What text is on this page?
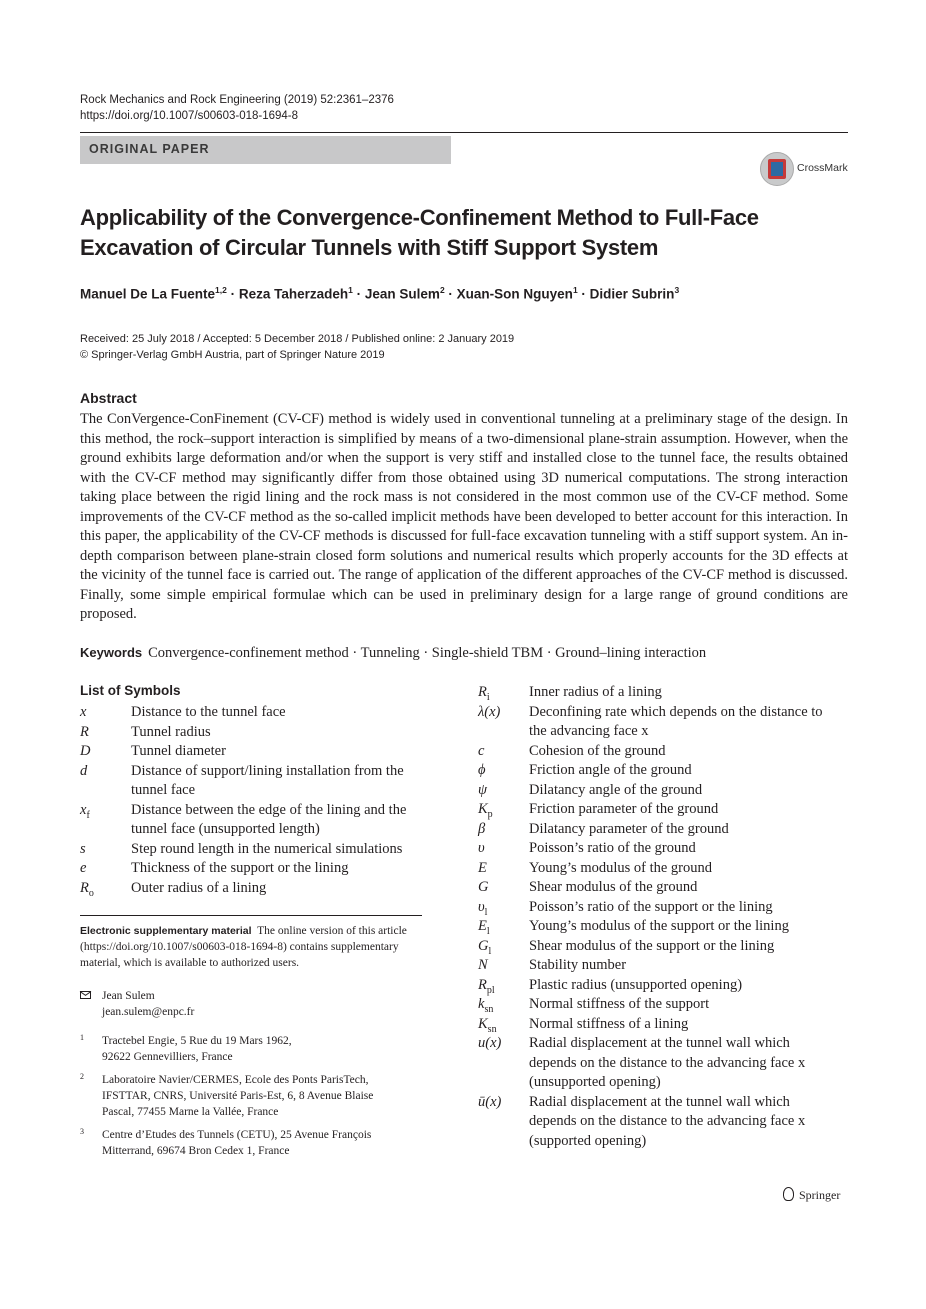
Rock Mechanics and Rock Engineering (2019) 52:2361–2376
https://doi.org/10.1007/s00603-018-1694-8
ORIGINAL PAPER
CrossMark
Applicability of the Convergence-Confinement Method to Full-Face
Excavation of Circular Tunnels with Stiff Support System
Manuel De La Fuente$^{1,2}$ · Reza Taherzadeh$^1$ · Jean Sulem$^2$ · Xuan-Son Nguyen$^1$ · Didier Subrin$^3$
Received: 25 July 2018 / Accepted: 5 December 2018 / Published online: 2 January 2019
© Springer-Verlag GmbH Austria, part of Springer Nature 2019
Abstract
The ConVergence-ConFinement (CV-CF) method is widely used in conventional tunneling at a preliminary stage of the design. In this method, the rock–support interaction is simplified by means of a two-dimensional plane-strain assumption. However, when the ground exhibits large deformation and/or when the support is very stiff and installed close to the tunnel face, the results obtained with the CV-CF method may significantly differ from those obtained using 3D numerical computations. The strong interaction taking place between the rigid lining and the rock mass is not considered in the most common use of the CV-CF method. Some improvements of the CV-CF method as the so-called implicit methods have been developed to better account for this interaction. In this paper, the applicability of the CV-CF methods is discussed for full-face excavation tunneling with a stiff support system. An in-depth comparison between plane-strain closed form solutions and numerical results which properly accounts for the 3D effects at the vicinity of the tunnel face is carried out. The range of application of the different approaches of the CV-CF method is discussed. Finally, some simple empirical formulae which can be used in preliminary design for a large range of ground conditions are proposed.
Keywords Convergence-confinement method · Tunneling · Single-shield TBM · Ground–lining interaction
List of Symbols
x	Distance to the tunnel face
R	Tunnel radius
D	Tunnel diameter
d	Distance of support/lining installation from the
tunnel face
$x_f$	Distance between the edge of the lining and the
tunnel face (unsupported length)
s	Step round length in the numerical simulations
e	Thickness of the support or the lining
$R_o$	Outer radius of a lining
$R_i$	Inner radius of a lining
λ(x) Deconfining rate which depends on the distance to
the advancing face x
c	Cohesion of the ground
ϕ	Friction angle of the ground
ψ	Dilatancy angle of the ground
$K_p$	Friction parameter of the ground
β	Dilatancy parameter of the ground
υ	Poisson’s ratio of the ground
E	Young’s modulus of the ground
G	Shear modulus of the ground
$\upsilon_l$	Poisson’s ratio of the support or the lining
$E_l$	Young’s modulus of the support or the lining
$G_l$	Shear modulus of the support or the lining
N	Stability number
$R_{pl}$ Plastic radius (unsupported opening)
$k_{sn}$ Normal stiffness of the support
$K_{sn}$ Normal stiffness of a lining
u(x) Radial displacement at the tunnel wall which
depends on the distance to the advancing face x
(unsupported opening)
ū(x) Radial displacement at the tunnel wall which
depends on the distance to the advancing face x
(supported opening)
Electronic supplementary material The online version of this article (https://doi.org/10.1007/s00603-018-1694-8) contains supplementary material, which is available to authorized users.
Jean Sulem
jean.sulem@enpc.fr
1 Tractebel Engie, 5 Rue du 19 Mars 1962,
92622 Gennevilliers, France
2 Laboratoire Navier/CERMES, Ecole des Ponts ParisTech,
IFSTTAR, CNRS, Université Paris-Est, 6, 8 Avenue Blaise
Pascal, 77455 Marne la Vallée, France
3 Centre d’Etudes des Tunnels (CETU), 25 Avenue François
Mitterrand, 69674 Bron Cedex 1, France
Springer
